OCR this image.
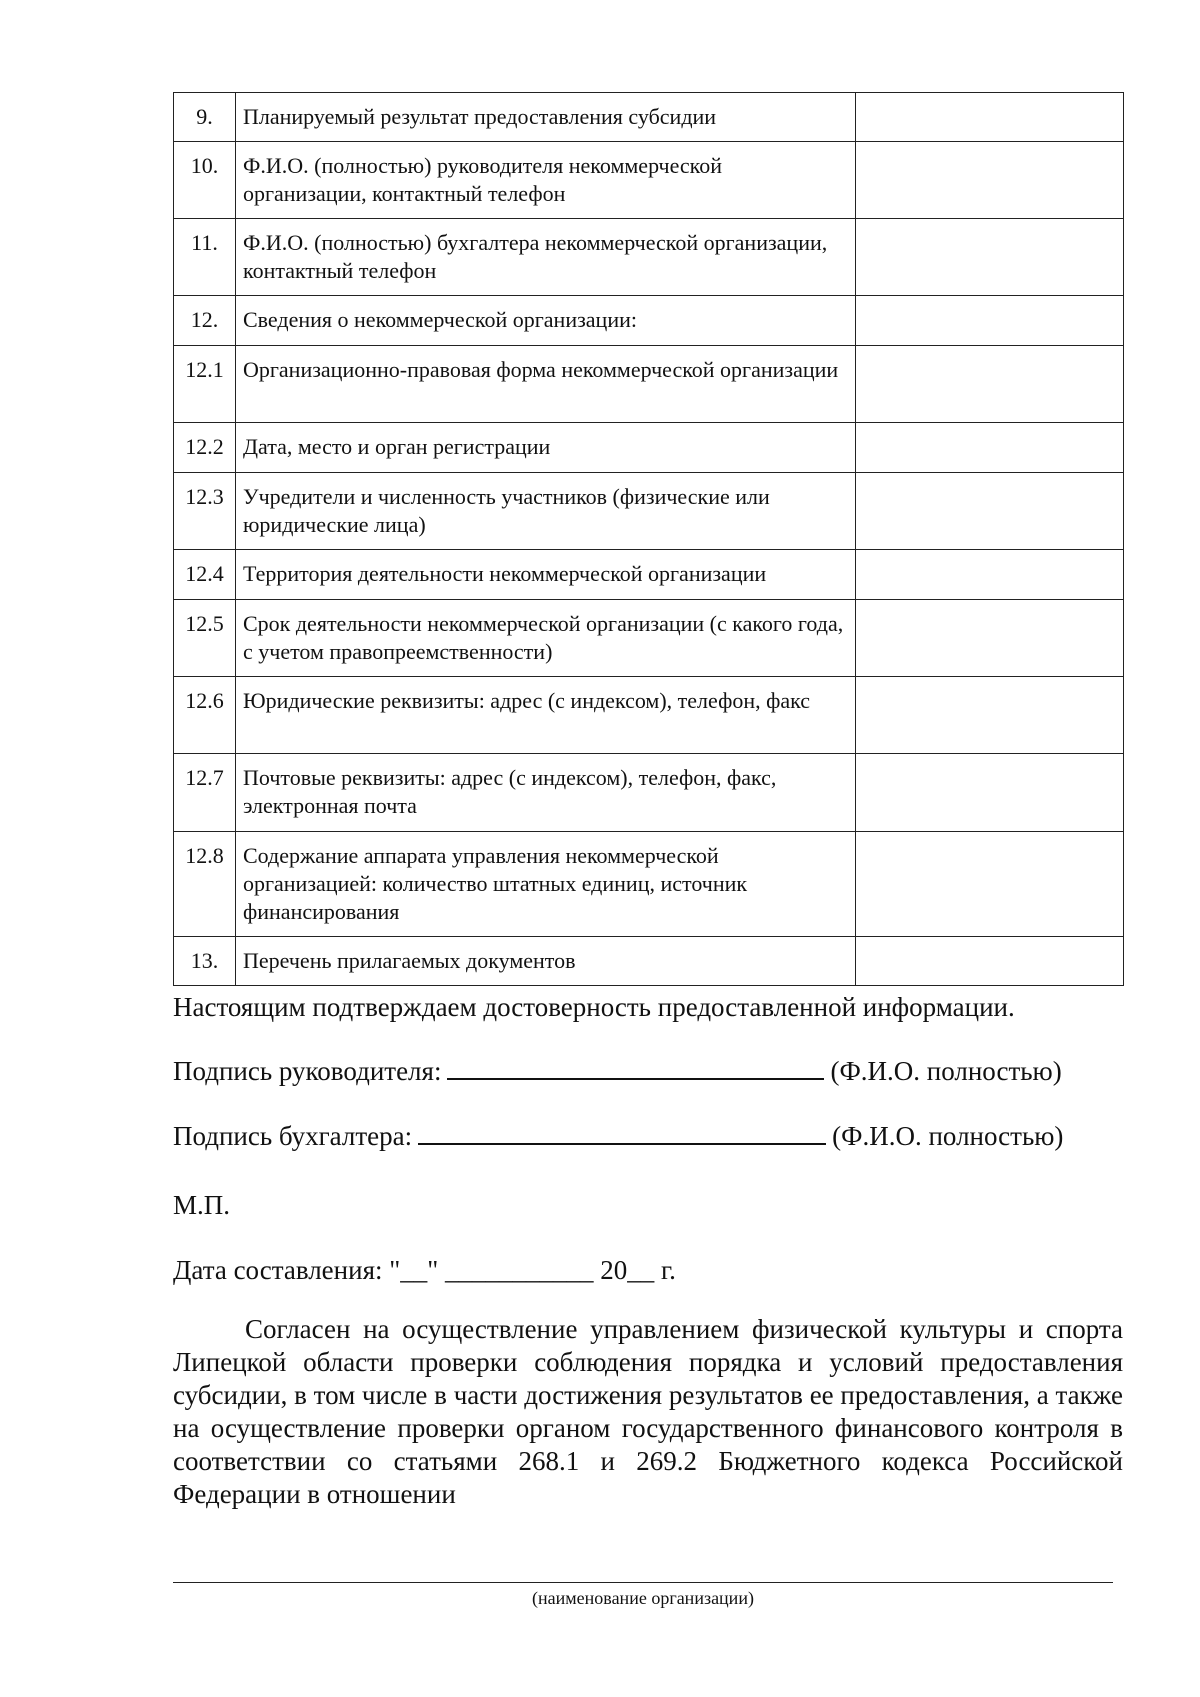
9.	Планируемый результат предоставления субсидии	
10.	Ф.И.О. (полностью) руководителя некоммерческой организации, контактный телефон	
11.	Ф.И.О. (полностью) бухгалтера некоммерческой организации, контактный телефон	
12.	Сведения о некоммерческой организации:	
12.1	Организационно-правовая форма некоммерческой организации	
12.2	Дата, место и орган регистрации	
12.3	Учредители и численность участников (физические или юридические лица)	
12.4	Территория деятельности некоммерческой организации	
12.5	Срок деятельности некоммерческой организации (с какого года, с учетом правопреемственности)	
12.6	Юридические реквизиты: адрес (с индексом), телефон, факс	
12.7	Почтовые реквизиты: адрес (с индексом), телефон, факс, электронная почта	
12.8	Содержание аппарата управления некоммерческой организацией: количество штатных единиц, источник финансирования	
13.	Перечень прилагаемых документов	
Настоящим подтверждаем достоверность предоставленной информации.
Подпись руководителя:	(Ф.И.О. полностью)
Подпись бухгалтера:	(Ф.И.О. полностью)
М.П.
Дата составления: "__" ___________ 20__ г.

Согласен на осуществление управлением физической культуры и спорта Липецкой области проверки соблюдения порядка и условий предоставления субсидии, в том числе в части достижения результатов ее предоставления, а также на осуществление проверки органом государственного финансового контроля в соответствии со статьями 268.1 и 269.2 Бюджетного кодекса Российской Федерации в отношении

(наименование организации)
